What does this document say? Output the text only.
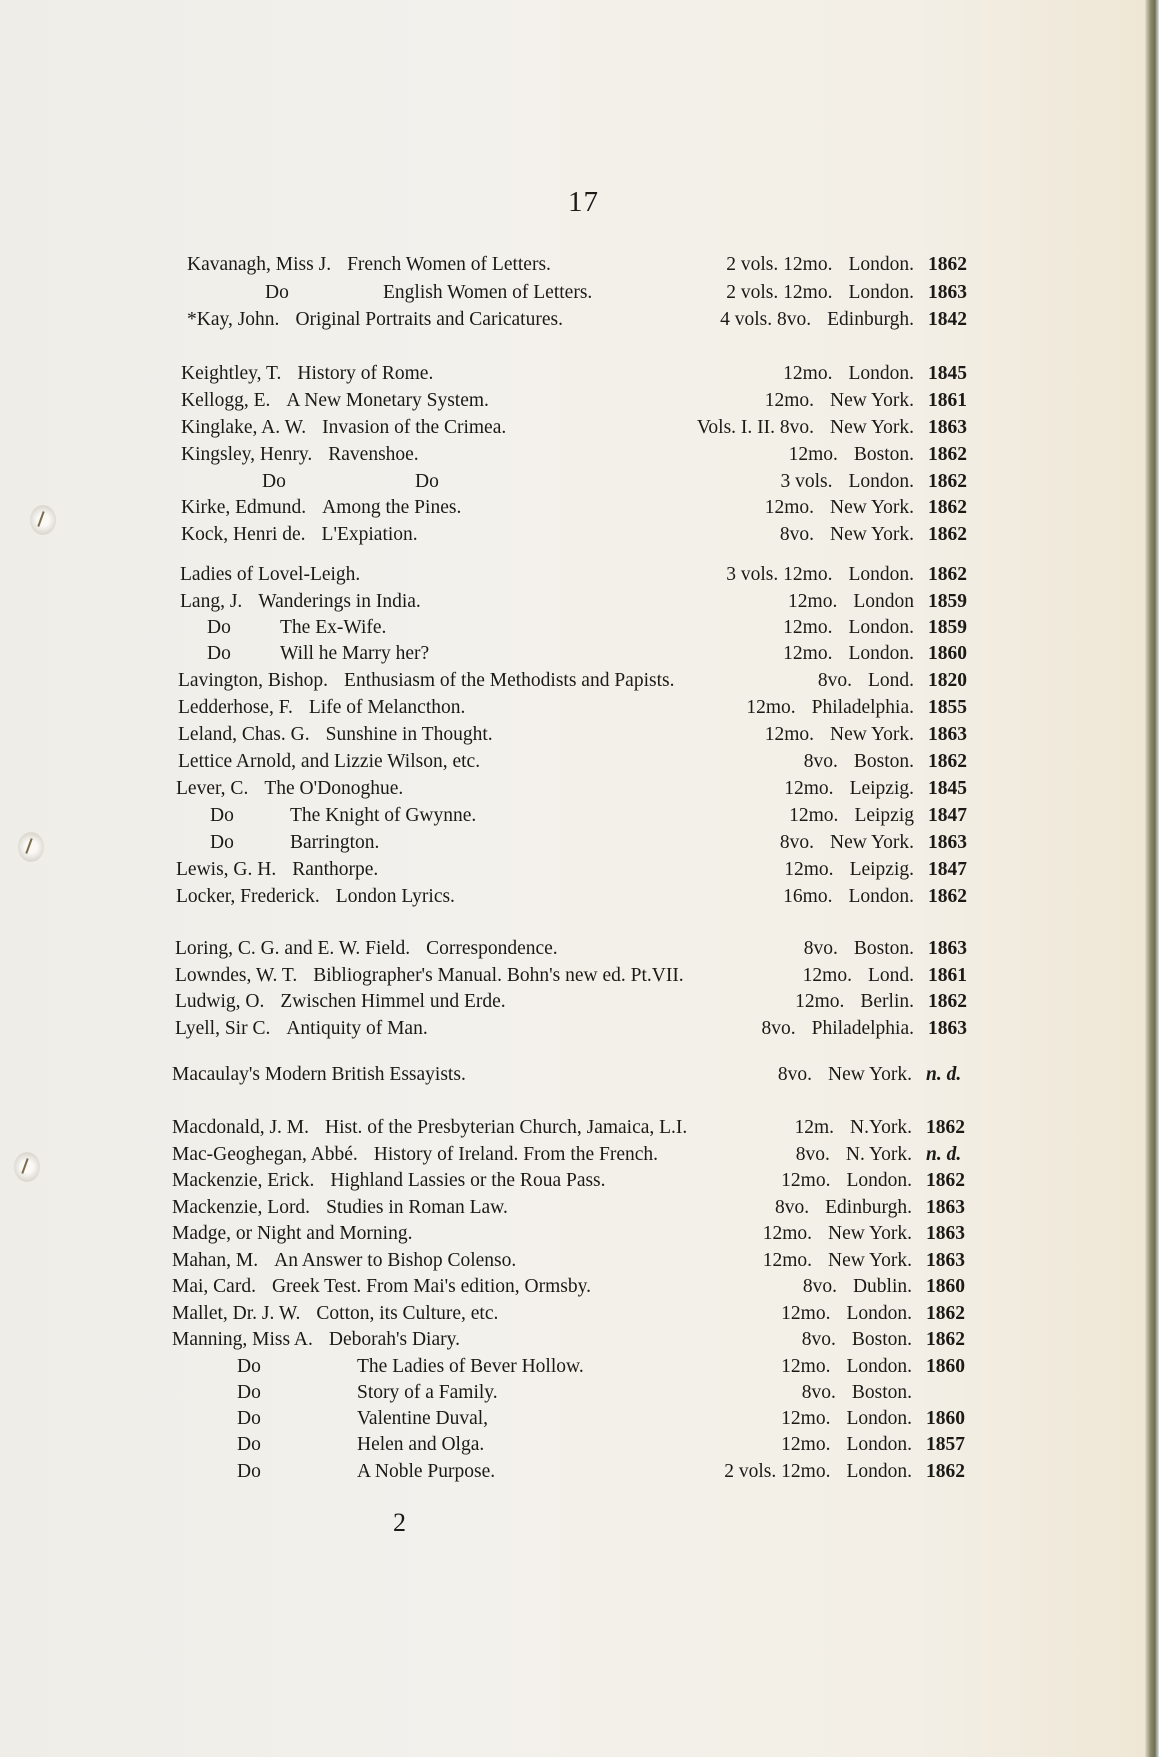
17
Kavanagh, Miss J. French Women of Letters.	2 vols. 12mo. London. 1862
Do	English Women of Letters.	2 vols. 12mo. London. 1863
*Kay, John. Original Portraits and Caricatures.	4 vols. 8vo. Edinburgh. 1842
Keightley, T. History of Rome.	12mo. London. 1845
Kellogg, E. A New Monetary System.	12mo. New York. 1861
Kinglake, A. W. Invasion of the Crimea.	Vols. I. II. 8vo. New York. 1863
Kingsley, Henry. Ravenshoe.	12mo. Boston. 1862
Do	Do	3 vols. London. 1862
Kirke, Edmund. Among the Pines.	12mo. New York. 1862
Kock, Henri de. L'Expiation.	8vo. New York. 1862
Ladies of Lovel-Leigh.	3 vols. 12mo. London. 1862
Lang, J. Wanderings in India.	12mo. London 1859
Do	The Ex-Wife.	12mo. London. 1859
Do	Will he Marry her?	12mo. London. 1860
Lavington, Bishop. Enthusiasm of the Methodists and Papists.	8vo. Lond. 1820
Ledderhose, F. Life of Melancthon.	12mo. Philadelphia. 1855
Leland, Chas. G. Sunshine in Thought.	12mo. New York. 1863
Lettice Arnold, and Lizzie Wilson, etc.	8vo. Boston. 1862
Lever, C. The O'Donoghue.	12mo. Leipzig. 1845
Do	The Knight of Gwynne.	12mo. Leipzig 1847
Do	Barrington.	8vo. New York. 1863
Lewis, G. H. Ranthorpe.	12mo. Leipzig. 1847
Locker, Frederick. London Lyrics.	16mo. London. 1862
Loring, C. G. and E. W. Field. Correspondence.	8vo. Boston. 1863
Lowndes, W. T. Bibliographer's Manual. Bohn's new ed. Pt.VII.	12mo. Lond. 1861
Ludwig, O. Zwischen Himmel und Erde.	12mo. Berlin. 1862
Lyell, Sir C. Antiquity of Man.	8vo. Philadelphia. 1863
Macaulay's Modern British Essayists.	8vo. New York. n. d.
Macdonald, J. M. Hist. of the Presbyterian Church, Jamaica, L.I.	12m. N.York. 1862
Mac-Geoghegan, Abbé. History of Ireland. From the French.	8vo. N. York. n. d.
Mackenzie, Erick. Highland Lassies or the Roua Pass.	12mo. London. 1862
Mackenzie, Lord. Studies in Roman Law.	8vo. Edinburgh. 1863
Madge, or Night and Morning.	12mo. New York. 1863
Mahan, M. An Answer to Bishop Colenso.	12mo. New York. 1863
Mai, Card. Greek Test. From Mai's edition, Ormsby.	8vo. Dublin. 1860
Mallet, Dr. J. W. Cotton, its Culture, etc.	12mo. London. 1862
Manning, Miss A. Deborah's Diary.	8vo. Boston. 1862
Do	The Ladies of Bever Hollow.	12mo. London. 1860
Do	Story of a Family.	8vo. Boston.
Do	Valentine Duval,	12mo. London. 1860
Do	Helen and Olga.	12mo. London. 1857
Do	A Noble Purpose.	2 vols. 12mo. London. 1862
2
